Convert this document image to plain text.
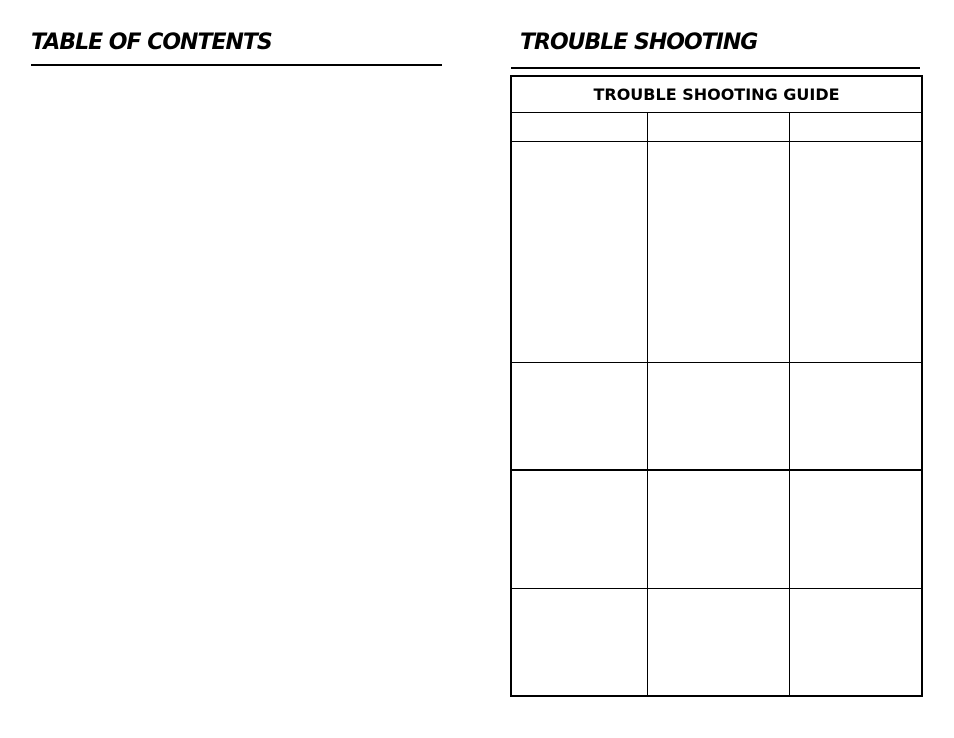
TABLE OF CONTENTS	TROUBLE SHOOTING
TROUBLE SHOOTING GUIDE		
